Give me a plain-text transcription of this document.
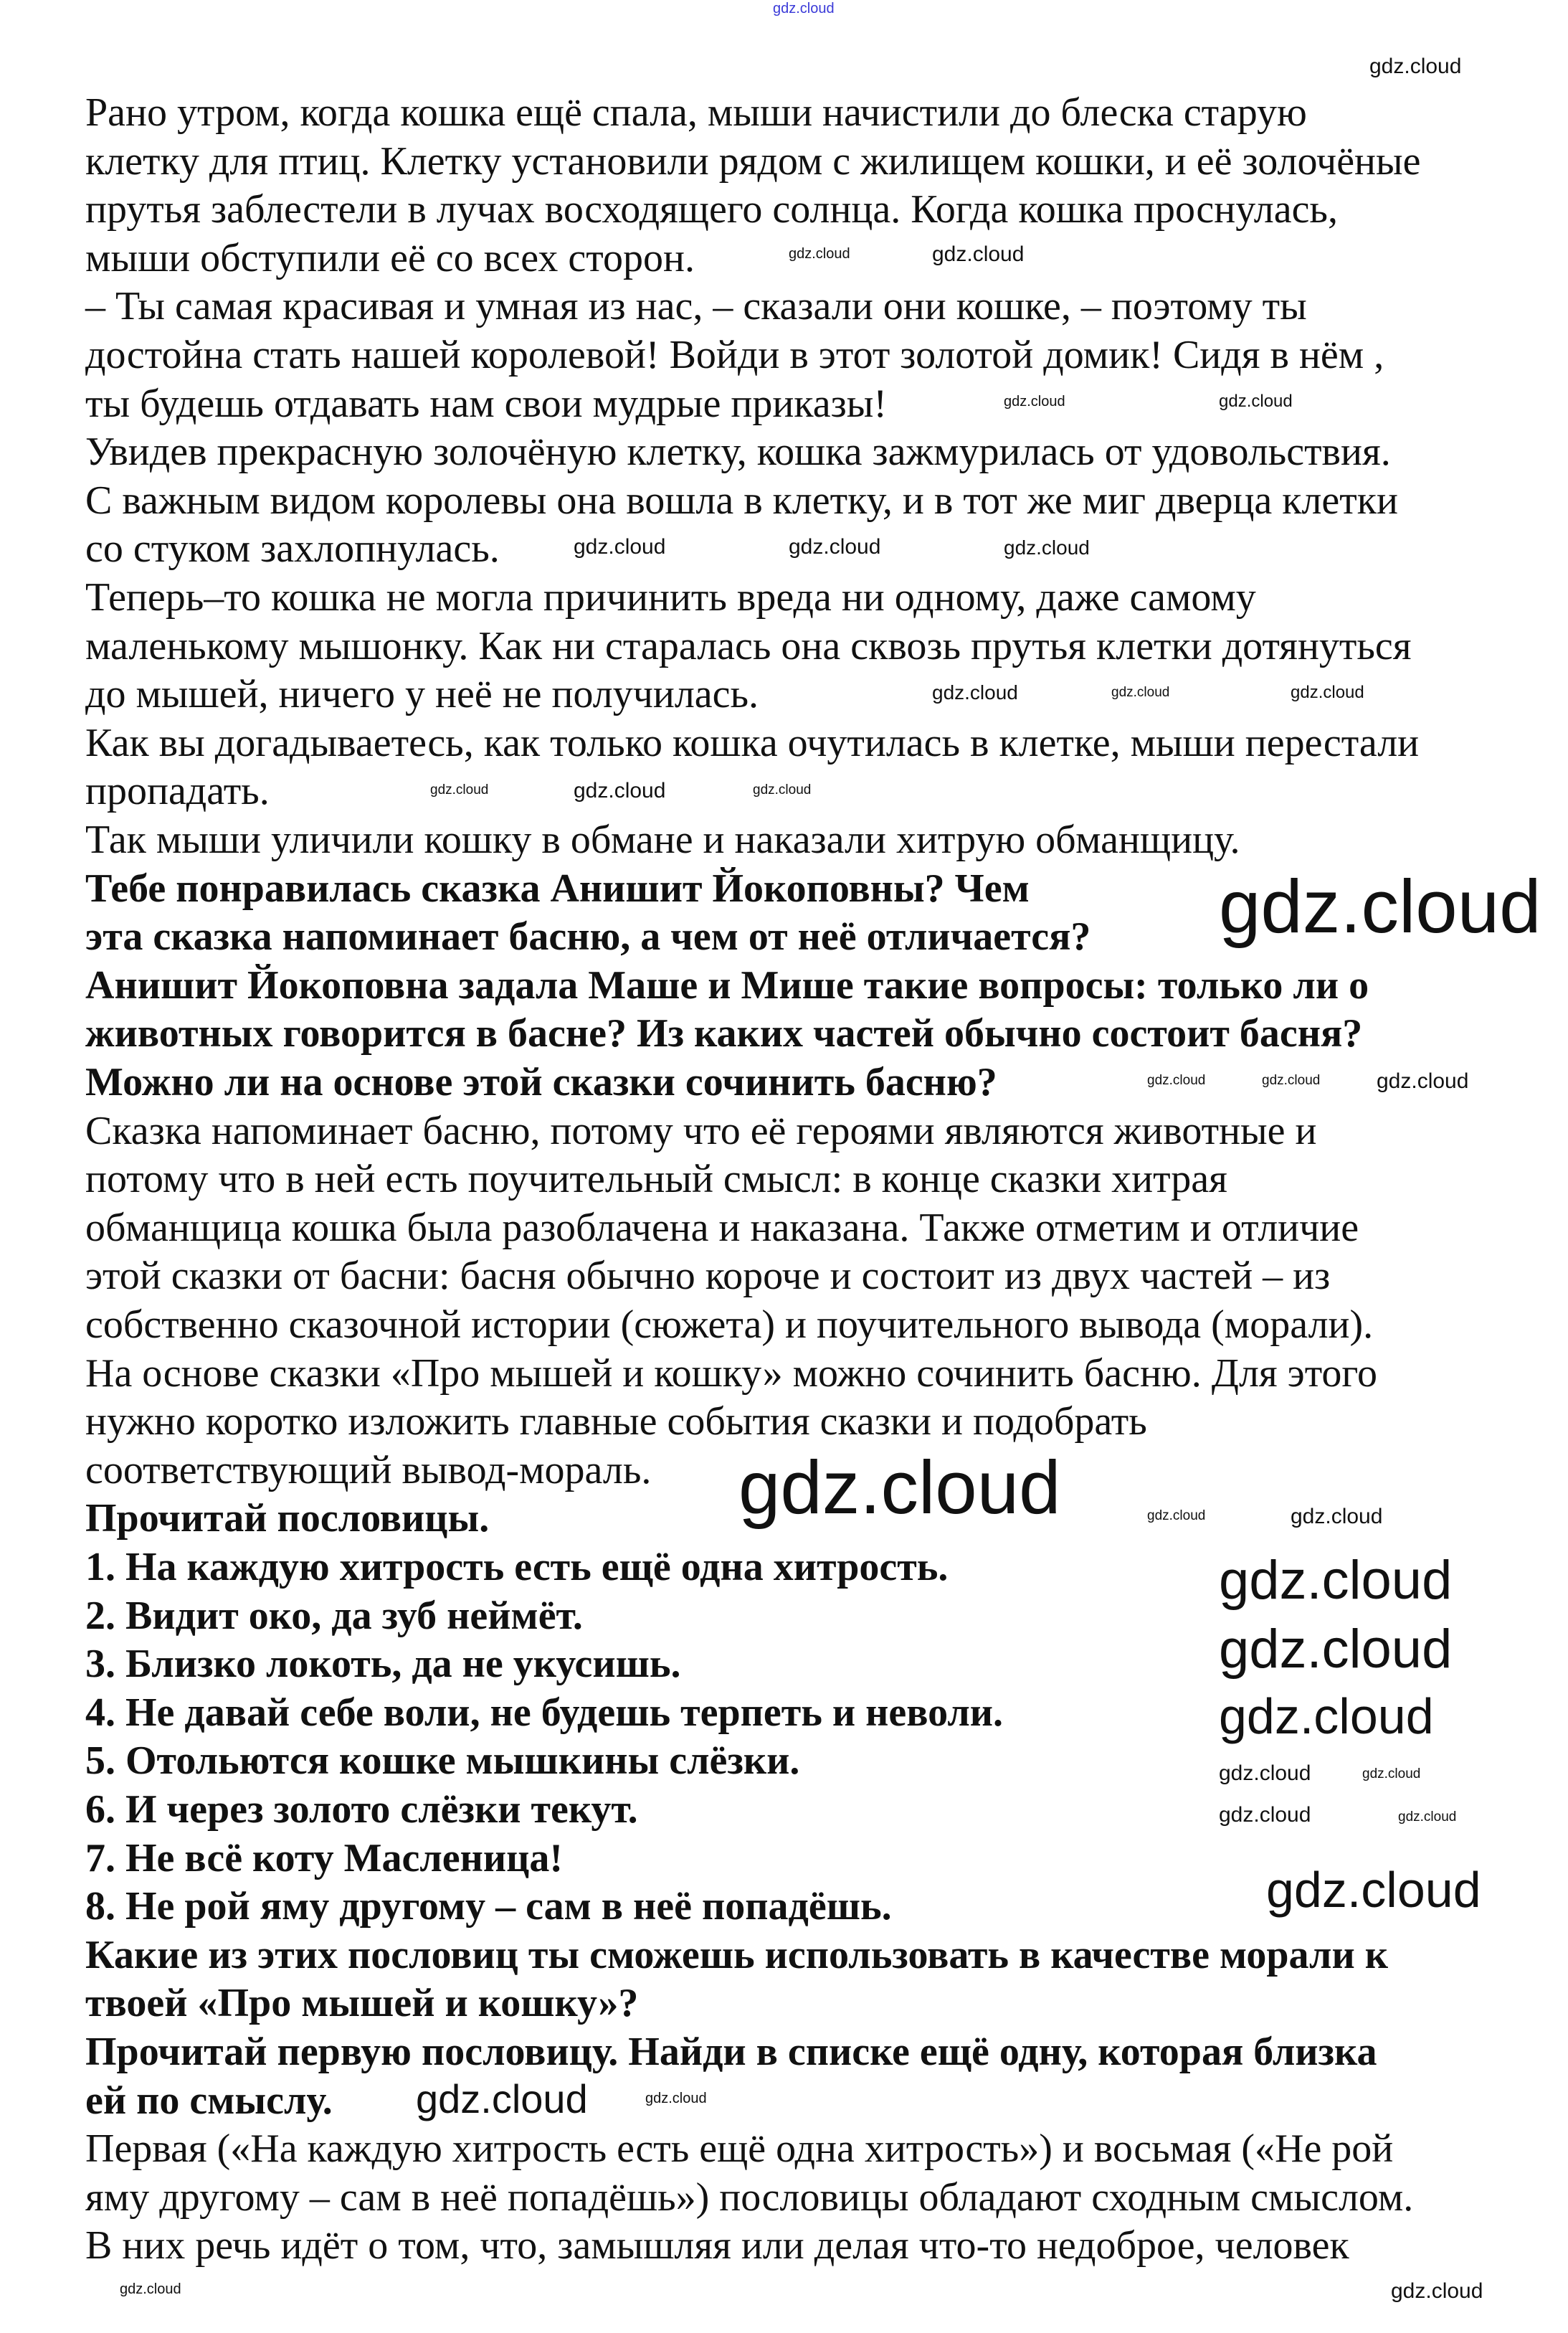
Рано утром, когда кошка ещё спала, мыши начистили до блеска старую
клетку для птиц. Клетку установили рядом с жилищем кошки, и её золочёные
прутья заблестели в лучах восходящего солнца. Когда кошка проснулась,
мыши обступили её со всех сторон.
– Ты самая красивая и умная из нас, – сказали они кошке, – поэтому ты
достойна стать нашей королевой! Войди в этот золотой домик! Сидя в нём ,
ты будешь отдавать нам свои мудрые приказы!
Увидев прекрасную золочёную клетку, кошка зажмурилась от удовольствия.
С важным видом королевы она вошла в клетку, и в тот же миг дверца клетки
со стуком захлопнулась.
Теперь–то кошка не могла причинить вреда ни одному, даже самому
маленькому мышонку. Как ни старалась она сквозь прутья клетки дотянуться
до мышей, ничего у неё не получилась.
Как вы догадываетесь, как только кошка очутилась в клетке, мыши перестали
пропадать.
Так мыши уличили кошку в обмане и наказали хитрую обманщицу.
Тебе понравилась сказка Анишит Йокоповны? Чем
эта сказка напоминает басню, а чем от неё отличается?
Анишит Йокоповна задала Маше и Мише такие вопросы: только ли о
животных говорится в басне? Из каких частей обычно состоит басня?
Можно ли на основе этой сказки сочинить басню?
Сказка напоминает басню, потому что её героями являются животные и
потому что в ней есть поучительный смысл: в конце сказки хитрая
обманщица кошка была разоблачена и наказана. Также отметим и отличие
этой сказки от басни: басня обычно короче и состоит из двух частей – из
собственно сказочной истории (сюжета) и поучительного вывода (морали).
На основе сказки «Про мышей и кошку» можно сочинить басню. Для этого
нужно коротко изложить главные события сказки и подобрать
соответствующий вывод-мораль.
Прочитай пословицы.
1. На каждую хитрость есть ещё одна хитрость.
2. Видит око, да зуб неймёт.
3. Близко локоть, да не укусишь.
4. Не давай себе воли, не будешь терпеть и неволи.
5. Отольются кошке мышкины слёзки.
6. И через золото слёзки текут.
7. Не всё коту Масленица!
8. Не рой яму другому – сам в неё попадёшь.
Какие из этих пословиц ты сможешь использовать в качестве морали к
твоей «Про мышей и кошку»?
Прочитай первую пословицу. Найди в списке ещё одну, которая близка
ей по смыслу.
Первая («На каждую хитрость есть ещё одна хитрость») и восьмая («Не рой
яму другому – сам в неё попадёшь») пословицы обладают сходным смыслом.
В них речь идёт о том, что, замышляя или делая что-то недоброе, человек
gdz.cloud
gdz.cloud
gdz.cloud	gdz.cloud
gdz.cloud	gdz.cloud
gdz.cloud	gdz.cloud	gdz.cloud
gdz.cloud	gdz.cloud	gdz.cloud
gdz.cloud	gdz.cloud	gdz.cloud
gdz.cloud
gdz.cloud	gdz.cloud	gdz.cloud
gdz.cloud	gdz.cloud	gdz.cloud
gdz.cloud
gdz.cloud
gdz.cloud
gdz.cloud	gdz.cloud
gdz.cloud	gdz.cloud
gdz.cloud
gdz.cloud	gdz.cloud
gdz.cloud	gdz.cloud
